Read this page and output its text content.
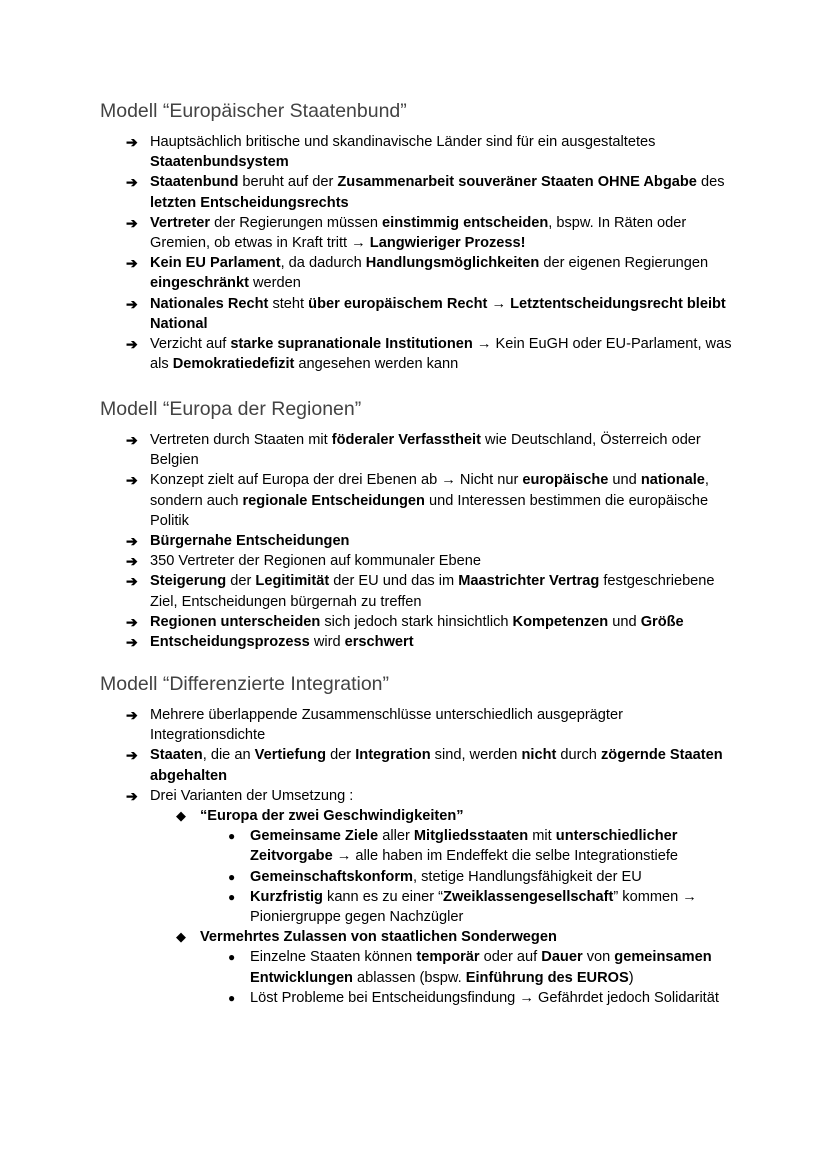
Modell “Europäischer Staatenbund”
➔ Hauptsächlich britische und skandinavische Länder sind für ein ausgestaltetes Staatenbundsystem
➔ Staatenbund beruht auf der Zusammenarbeit souveräner Staaten OHNE Abgabe des letzten Entscheidungsrechts
➔ Vertreter der Regierungen müssen einstimmig entscheiden, bspw. In Räten oder Gremien, ob etwas in Kraft tritt → Langwieriger Prozess!
➔ Kein EU Parlament, da dadurch Handlungsmöglichkeiten der eigenen Regierungen eingeschränkt werden
➔ Nationales Recht steht über europäischem Recht → Letztentscheidungsrecht bleibt National
➔ Verzicht auf starke supranationale Institutionen → Kein EuGH oder EU-Parlament, was als Demokratiedefizit angesehen werden kann
Modell “Europa der Regionen”
➔ Vertreten durch Staaten mit föderaler Verfasstheit wie Deutschland, Österreich oder Belgien
➔ Konzept zielt auf Europa der drei Ebenen ab → Nicht nur europäische und nationale, sondern auch regionale Entscheidungen und Interessen bestimmen die europäische Politik
➔ Bürgernahe Entscheidungen
➔ 350 Vertreter der Regionen auf kommunaler Ebene
➔ Steigerung der Legitimität der EU und das im Maastrichter Vertrag festgeschriebene Ziel, Entscheidungen bürgernah zu treffen
➔ Regionen unterscheiden sich jedoch stark hinsichtlich Kompetenzen und Größe
➔ Entscheidungsprozess wird erschwert
Modell “Differenzierte Integration”
➔ Mehrere überlappende Zusammenschlüsse unterschiedlich ausgeprägter Integrationsdichte
➔ Staaten, die an Vertiefung der Integration sind, werden nicht durch zögernde Staaten abgehalten
➔ Drei Varianten der Umsetzung :
◆ “Europa der zwei Geschwindigkeiten”
● Gemeinsame Ziele aller Mitgliedsstaaten mit unterschiedlicher Zeitvorgabe → alle haben im Endeffekt die selbe Integrationstiefe
● Gemeinschaftskonform, stetige Handlungsfähigkeit der EU
● Kurzfristig kann es zu einer “Zweiklassengesellschaft” kommen → Pioniergruppe gegen Nachzügler
◆ Vermehrtes Zulassen von staatlichen Sonderwegen
● Einzelne Staaten können temporär oder auf Dauer von gemeinsamen Entwicklungen ablassen (bspw. Einführung des EUROS)
● Löst Probleme bei Entscheidungsfindung → Gefährdet jedoch Solidarität
